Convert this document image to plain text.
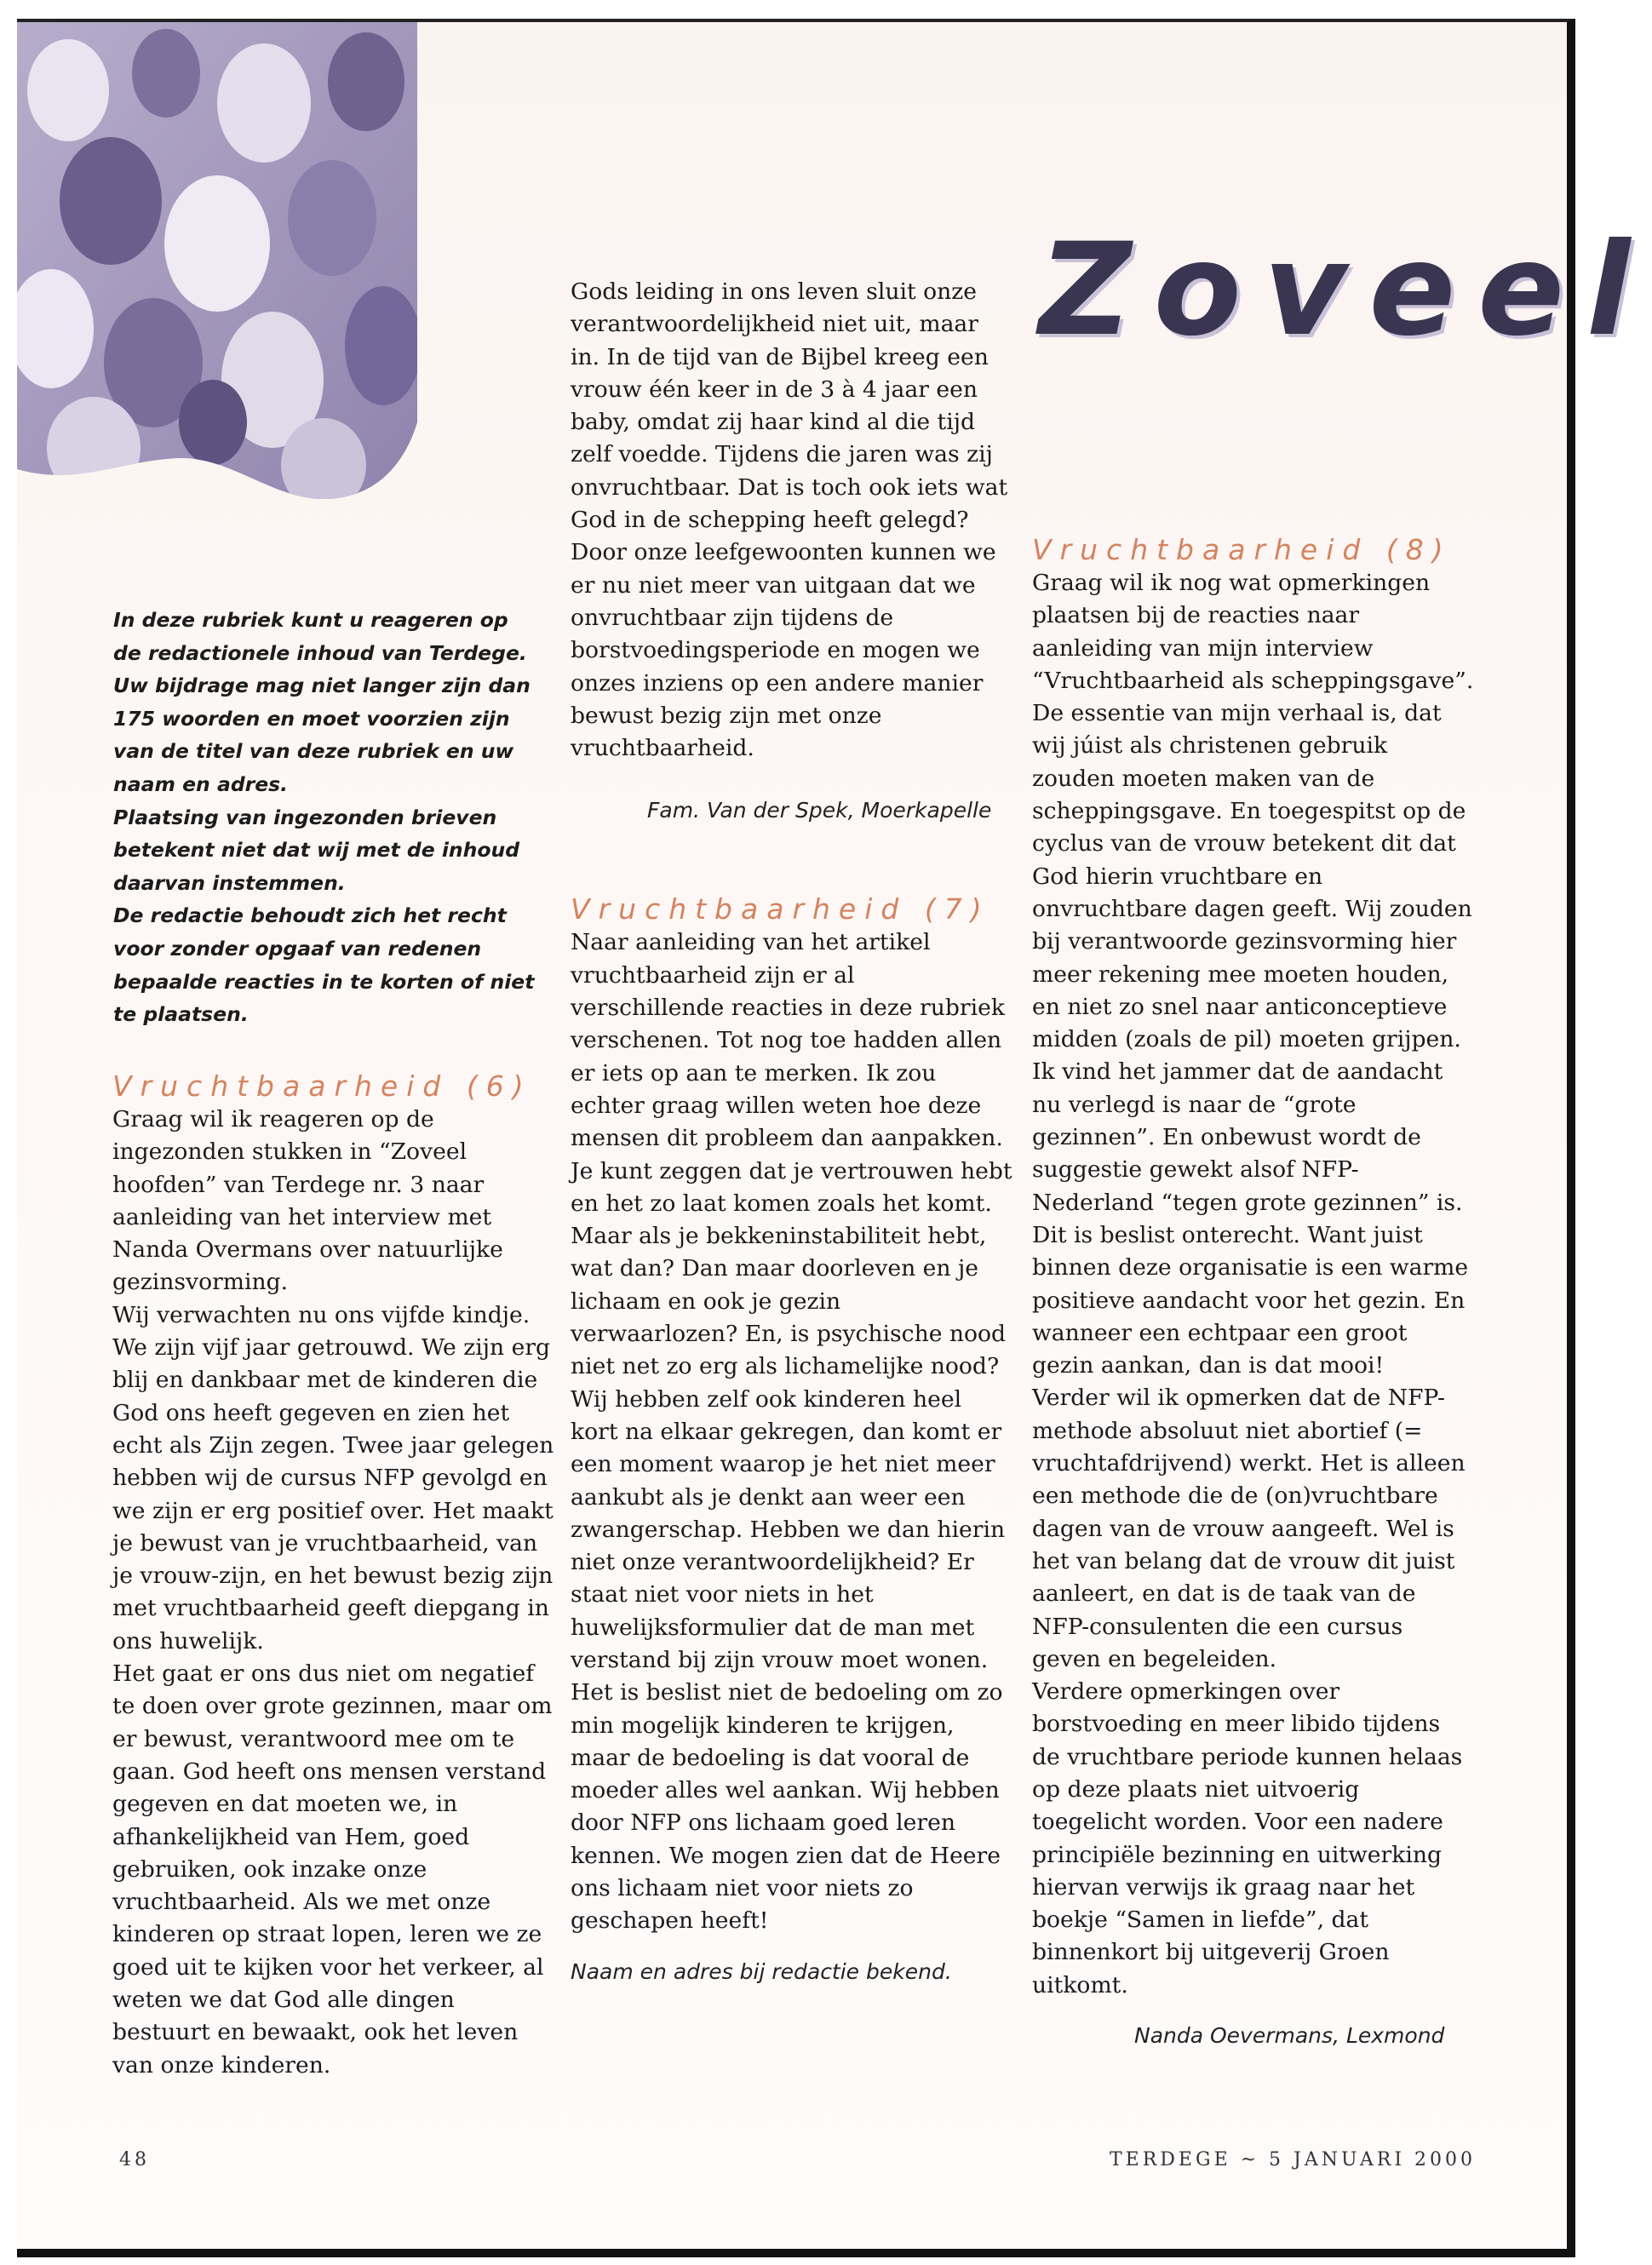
In deze rubriek kunt u reageren op de redactionele inhoud van Terdege.

Uw bijdrage mag niet langer zijn dan 175 woorden en moet voorzien zijn van de titel van deze rubriek en uw naam en adres.

Plaatsing van ingezonden brieven betekent niet dat wij met de inhoud daarvan instemmen.

De redactie behoudt zich het recht voor zonder opgaaf van redenen bepaalde reacties in te korten of niet te plaatsen.

Zoveel
Vruchtbaarheid (6)

Graag wil ik reageren op de ingezonden stukken in “Zoveel hoofden” van Terdege nr. 3 naar aanleiding van het interview met Nanda Overmans over natuurlijke gezinsvorming.

Wij verwachten nu ons vijfde kindje. We zijn vijf jaar getrouwd. We zijn erg blij en dankbaar met de kinderen die God ons heeft gegeven en zien het echt als Zijn zegen. Twee jaar gelegen hebben wij de cursus NFP gevolgd en we zijn er erg positief over. Het maakt je bewust van je vruchtbaarheid, van je vrouw-zijn, en het bewust bezig zijn met vruchtbaarheid geeft diepgang in ons huwelijk.

Het gaat er ons dus niet om negatief te doen over grote gezinnen, maar om er bewust, verantwoord mee om te gaan. God heeft ons mensen verstand gegeven en dat moeten we, in afhankelijkheid van Hem, goed gebruiken, ook inzake onze vruchtbaarheid. Als we met onze kinderen op straat lopen, leren we ze goed uit te kijken voor het verkeer, al weten we dat God alle dingen bestuurt en bewaakt, ook het leven van onze kinderen.

Gods leiding in ons leven sluit onze verantwoordelijkheid niet uit, maar in. In de tijd van de Bijbel kreeg een vrouw één keer in de 3 à 4 jaar een baby, omdat zij haar kind al die tijd zelf voedde. Tijdens die jaren was zij onvruchtbaar. Dat is toch ook iets wat God in de schepping heeft gelegd? Door onze leefgewoonten kunnen we er nu niet meer van uitgaan dat we onvruchtbaar zijn tijdens de borstvoedingsperiode en mogen we onzes inziens op een andere manier bewust bezig zijn met onze vruchtbaarheid.

Fam. Van der Spek, Moerkapelle
Vruchtbaarheid (7)

Naar aanleiding van het artikel vruchtbaarheid zijn er al verschillende reacties in deze rubriek verschenen. Tot nog toe hadden allen er iets op aan te merken. Ik zou echter graag willen weten hoe deze mensen dit probleem dan aanpakken. Je kunt zeggen dat je vertrouwen hebt en het zo laat komen zoals het komt. Maar als je bekkeninstabiliteit hebt, wat dan? Dan maar doorleven en je lichaam en ook je gezin verwaarlozen? En, is psychische nood niet net zo erg als lichamelijke nood?

Wij hebben zelf ook kinderen heel kort na elkaar gekregen, dan komt er een moment waarop je het niet meer aankubt als je denkt aan weer een zwangerschap. Hebben we dan hierin niet onze verantwoordelijkheid? Er staat niet voor niets in het huwelijksformulier dat de man met verstand bij zijn vrouw moet wonen.

Het is beslist niet de bedoeling om zo min mogelijk kinderen te krijgen, maar de bedoeling is dat vooral de moeder alles wel aankan. Wij hebben door NFP ons lichaam goed leren kennen. We mogen zien dat de Heere ons lichaam niet voor niets zo geschapen heeft!

Naam en adres bij redactie bekend.
Vruchtbaarheid (8)

Graag wil ik nog wat opmerkingen plaatsen bij de reacties naar aanleiding van mijn interview “Vruchtbaarheid als scheppingsgave”. De essentie van mijn verhaal is, dat wij júist als christenen gebruik zouden moeten maken van de scheppingsgave. En toegespitst op de cyclus van de vrouw betekent dit dat God hierin vruchtbare en onvruchtbare dagen geeft. Wij zouden bij verantwoorde gezinsvorming hier meer rekening mee moeten houden, en niet zo snel naar anticonceptieve midden (zoals de pil) moeten grijpen.

Ik vind het jammer dat de aandacht nu verlegd is naar de “grote gezinnen”. En onbewust wordt de suggestie gewekt alsof NFP-Nederland “tegen grote gezinnen” is.

Dit is beslist onterecht. Want juist binnen deze organisatie is een warme positieve aandacht voor het gezin. En wanneer een echtpaar een groot gezin aankan, dan is dat mooi!

Verder wil ik opmerken dat de NFP-methode absoluut niet abortief (= vruchtafdrijvend) werkt. Het is alleen een methode die de (on)vruchtbare dagen van de vrouw aangeeft. Wel is het van belang dat de vrouw dit juist aanleert, en dat is de taak van de NFP-consulenten die een cursus geven en begeleiden.

Verdere opmerkingen over borstvoeding en meer libido tijdens de vruchtbare periode kunnen helaas op deze plaats niet uitvoerig toegelicht worden. Voor een nadere principiële bezinning en uitwerking hiervan verwijs ik graag naar het boekje “Samen in liefde”, dat binnenkort bij uitgeverij Groen uitkomt.

Nanda Oevermans, Lexmond
48	TERDEGE ~ 5 JANUARI 2000
